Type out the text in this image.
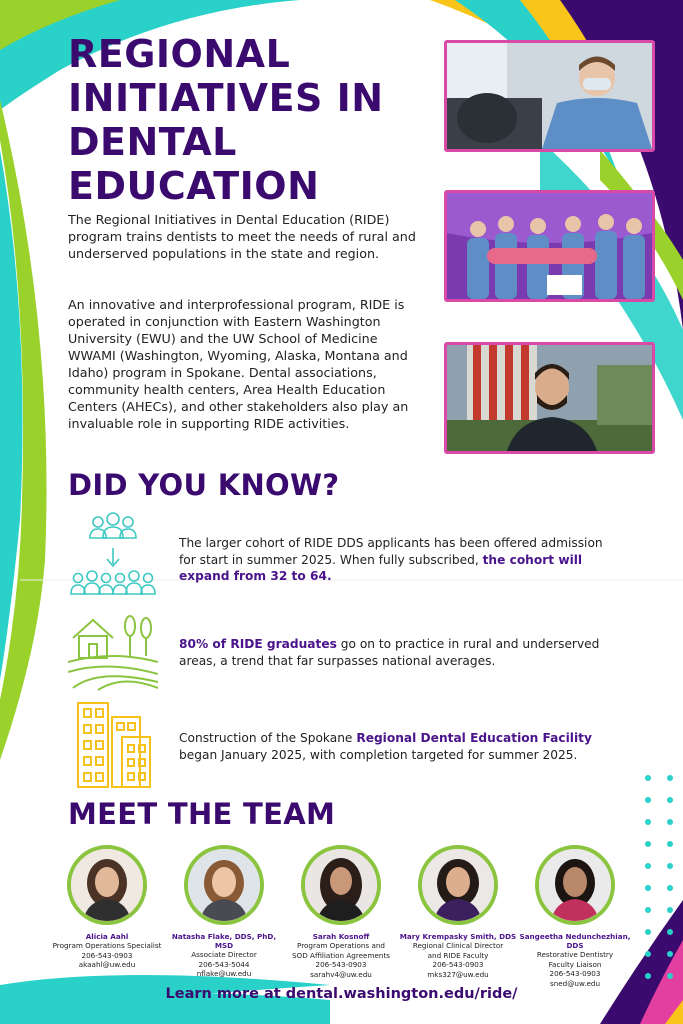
REGIONAL
INITIATIVES IN
DENTAL
EDUCATION

The Regional Initiatives in Dental Education (RIDE) program trains dentists to meet the needs of rural and underserved populations in the state and region.

An innovative and interprofessional program, RIDE is operated in conjunction with Eastern Washington University (EWU) and the UW School of Medicine WWAMI (Washington, Wyoming, Alaska, Montana and Idaho) program in Spokane. Dental associations, community health centers, Area Health Education Centers (AHECs), and other stakeholders also play an invaluable role in supporting RIDE activities.

DID YOU KNOW?

The larger cohort of RIDE DDS applicants has been offered admission for start in summer 2025. When fully subscribed, the cohort will expand from 32 to 64.

80% of RIDE graduates go on to practice in rural and underserved areas, a trend that far surpasses national averages.

Construction of the Spokane Regional Dental Education Facility began January 2025, with completion targeted for summer 2025.

MEET THE TEAM
Alicia Aahl
Program Operations Specialist
206-543-0903
akaahl@uw.edu
Natasha Flake, DDS, PhD, MSD
Associate Director
206-543-5044
nflake@uw.edu
Sarah Kosnoff
Program Operations and
SOD Affiliation Agreements
206-543-0903
sarahv4@uw.edu
Mary Krempasky Smith, DDS
Regional Clinical Director
and RIDE Faculty
206-543-0903
mks327@uw.edu
Sangeetha Nedunchezhian, DDS
Restorative Dentistry
Faculty Liaison
206-543-0903
sned@uw.edu
Learn more at dental.washington.edu/ride/
